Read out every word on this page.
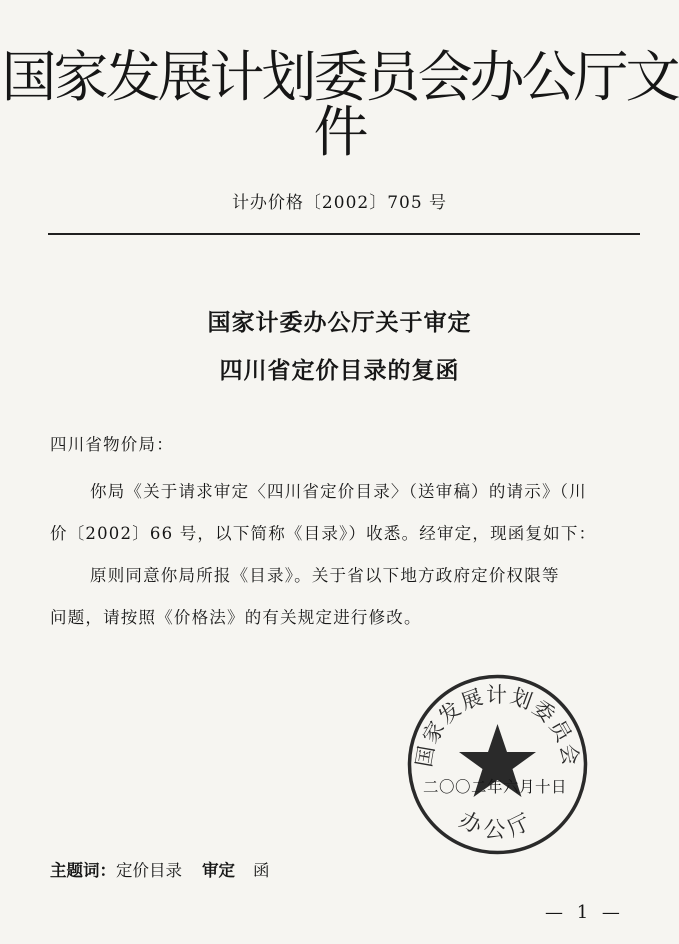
国家发展计划委员会办公厅文件
计办价格〔2002〕705 号
国家计委办公厅关于审定
四川省定价目录的复函
四川省物价局：
你局《关于请求审定〈四川省定价目录〉（送审稿）的请示》（川
价〔2002〕66 号，以下简称《目录》）收悉。经审定，现函复如下：
原则同意你局所报《目录》。关于省以下地方政府定价权限等
问题，请按照《价格法》的有关规定进行修改。
国家发展计划委员会
办公厅
二〇〇二年六月十日
主题词：定价目录 审定 函
— 1 —
